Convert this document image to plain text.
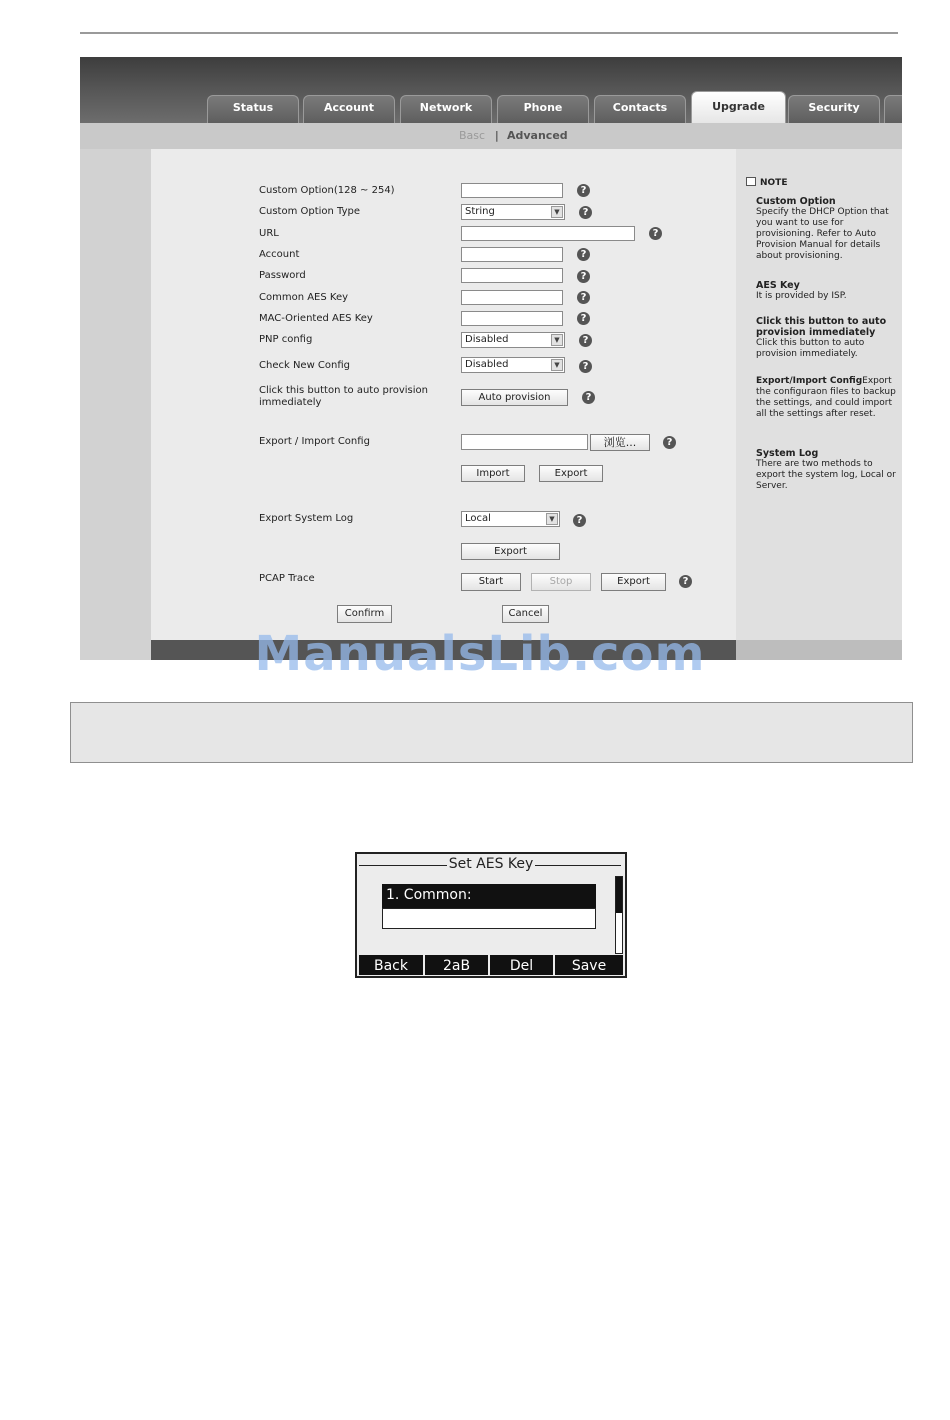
Status	Account	Network	Phone	Contacts	Upgrade	Security
Basc | Advanced
Custom Option(128 ~ 254)	?
Custom Option Type	String	▼	?
URL	?
Account	?
Password	?
Common AES Key	?
MAC-Oriented AES Key	?
PNP config	Disabled	▼	?
Check New Config	Disabled	▼	?
Click this button to auto provision immediately	Auto provision	?
Export / Import Config	浏览...	?
Import	Export
Export System Log	Local	▼	?
Export
PCAP Trace	Start	Stop	Export	?
Confirm	Cancel
NOTE
Custom Option
Specify the DHCP Option that you want to use for provisioning. Refer to Auto Provision Manual for details about provisioning.
AES Key
It is provided by ISP.
Click this button to auto provision immediately
Click this button to auto provision immediately.
Export/Import ConfigExport the configuraon files to backup the settings, and could import all the settings after reset.
System Log
There are two methods to export the system log, Local or Server.
ManualsLib.com
Set AES Key
1. Common:
Back	2aB	Del	Save
